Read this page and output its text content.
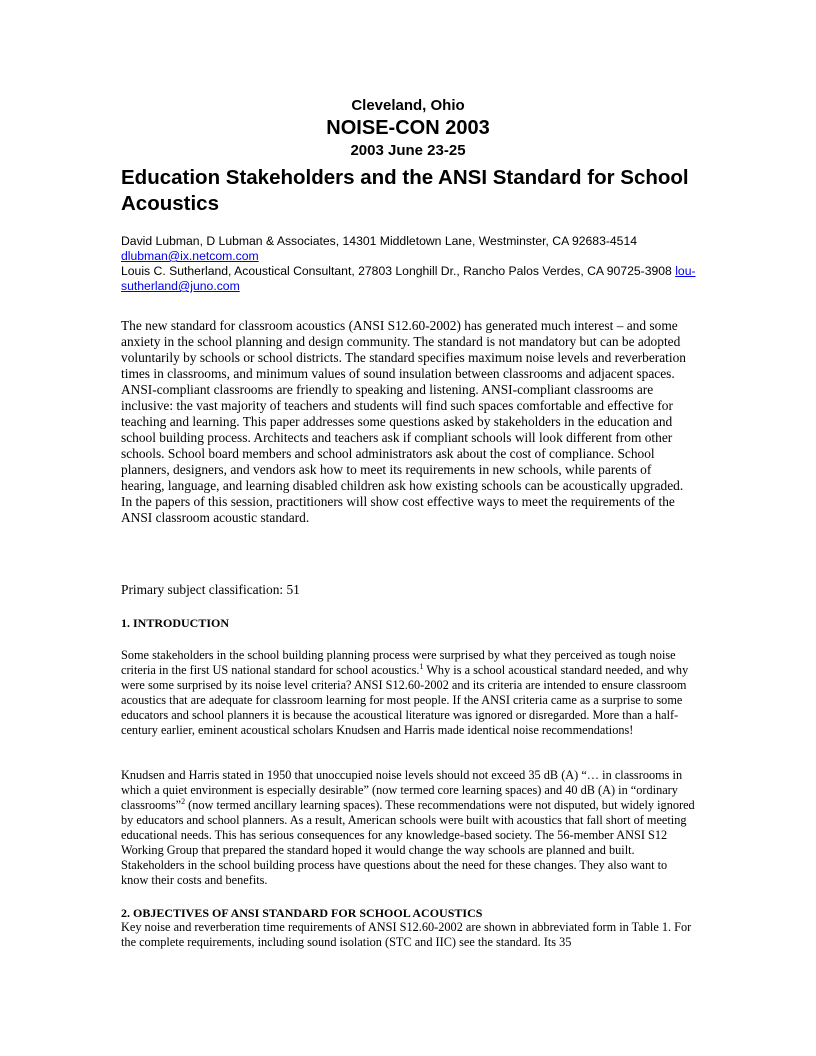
Cleveland, Ohio
NOISE-CON 2003
2003 June 23-25
Education Stakeholders and the ANSI Standard for School Acoustics
David Lubman, D Lubman & Associates, 14301 Middletown Lane, Westminster, CA 92683-4514
dlubman@ix.netcom.com
Louis C. Sutherland, Acoustical Consultant, 27803 Longhill Dr., Rancho Palos Verdes, CA 90725-3908 lou-sutherland@juno.com

The new standard for classroom acoustics (ANSI S12.60-2002) has generated much interest – and some anxiety in the school planning and design community. The standard is not mandatory but can be adopted voluntarily by schools or school districts. The standard specifies maximum noise levels and reverberation times in classrooms, and minimum values of sound insulation between classrooms and adjacent spaces. ANSI-compliant classrooms are friendly to speaking and listening. ANSI-compliant classrooms are inclusive: the vast majority of teachers and students will find such spaces comfortable and effective for teaching and learning. This paper addresses some questions asked by stakeholders in the education and school building process. Architects and teachers ask if compliant schools will look different from other schools. School board members and school administrators ask about the cost of compliance. School planners, designers, and vendors ask how to meet its requirements in new schools, while parents of hearing, language, and learning disabled children ask how existing schools can be acoustically upgraded. In the papers of this session, practitioners will show cost effective ways to meet the requirements of the ANSI classroom acoustic standard.

Primary subject classification: 51

1. INTRODUCTION

Some stakeholders in the school building planning process were surprised by what they perceived as tough noise criteria in the first US national standard for school acoustics.$^1$ Why is a school acoustical standard needed, and why were some surprised by its noise level criteria? ANSI S12.60-2002 and its criteria are intended to ensure classroom acoustics that are adequate for classroom learning for most people. If the ANSI criteria came as a surprise to some educators and school planners it is because the acoustical literature was ignored or disregarded. More than a half-century earlier, eminent acoustical scholars Knudsen and Harris made identical noise recommendations!

Knudsen and Harris stated in 1950 that unoccupied noise levels should not exceed 35 dB (A) “… in classrooms in which a quiet environment is especially desirable” (now termed core learning spaces) and 40 dB (A) in “ordinary classrooms”$^2$ (now termed ancillary learning spaces). These recommendations were not disputed, but widely ignored by educators and school planners. As a result, American schools were built with acoustics that fall short of meeting educational needs. This has serious consequences for any knowledge-based society. The 56-member ANSI S12 Working Group that prepared the standard hoped it would change the way schools are planned and built. Stakeholders in the school building process have questions about the need for these changes. They also want to know their costs and benefits.

2. OBJECTIVES OF ANSI STANDARD FOR SCHOOL ACOUSTICS

Key noise and reverberation time requirements of ANSI S12.60-2002 are shown in abbreviated form in Table 1. For the complete requirements, including sound isolation (STC and IIC) see the standard. Its 35
